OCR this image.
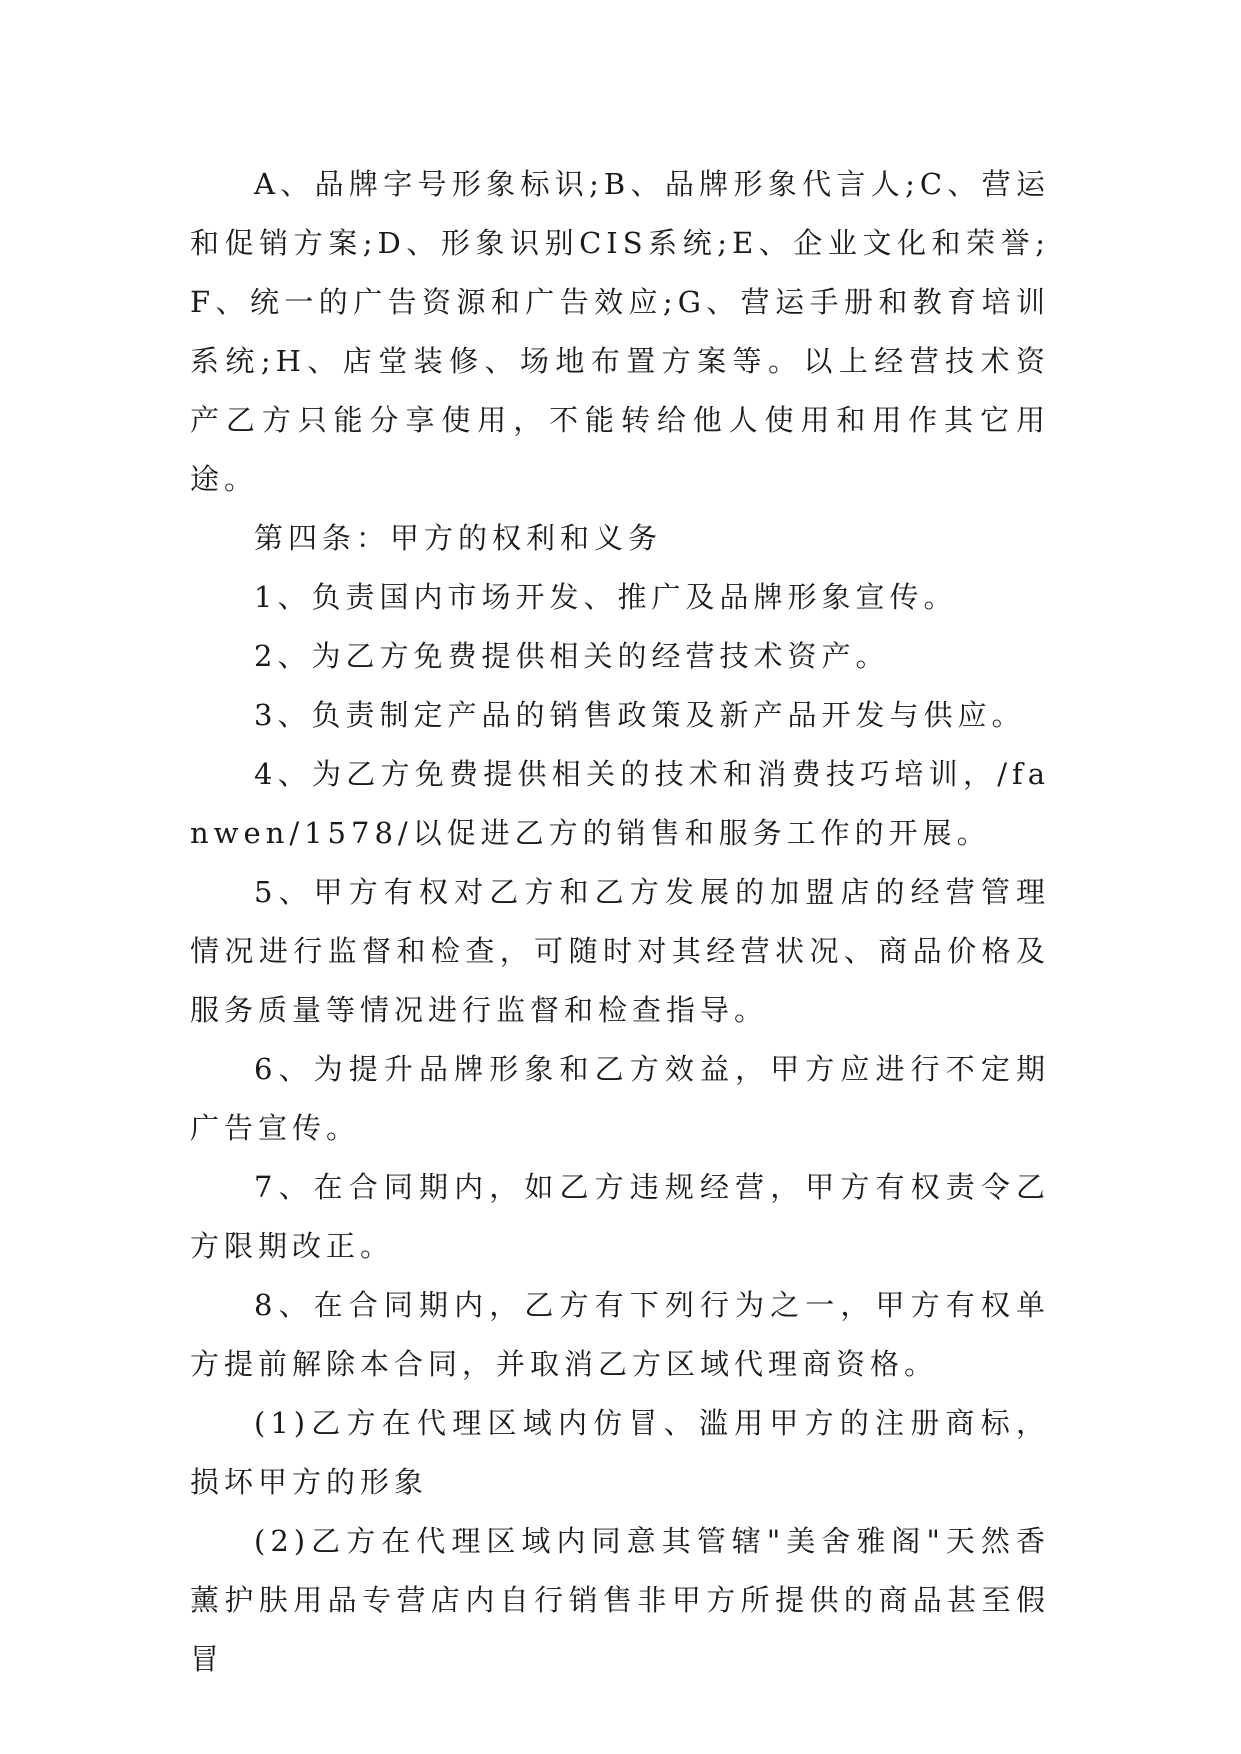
A、品牌字号形象标识;B、品牌形象代言人;C、营运和促销方案;D、形象识别CIS系统;E、企业文化和荣誉;F、统一的广告资源和广告效应;G、营运手册和教育培训系统;H、店堂装修、场地布置方案等。以上经营技术资产乙方只能分享使用，不能转给他人使用和用作其它用途。

第四条：甲方的权利和义务

1、负责国内市场开发、推广及品牌形象宣传。

2、为乙方免费提供相关的经营技术资产。

3、负责制定产品的销售政策及新产品开发与供应。

4、为乙方免费提供相关的技术和消费技巧培训，/fanwen/1578/以促进乙方的销售和服务工作的开展。

5、甲方有权对乙方和乙方发展的加盟店的经营管理情况进行监督和检查，可随时对其经营状况、商品价格及服务质量等情况进行监督和检查指导。

6、为提升品牌形象和乙方效益，甲方应进行不定期广告宣传。

7、在合同期内，如乙方违规经营，甲方有权责令乙方限期改正。

8、在合同期内，乙方有下列行为之一，甲方有权单方提前解除本合同，并取消乙方区域代理商资格。

(1)乙方在代理区域内仿冒、滥用甲方的注册商标，损坏甲方的形象

(2)乙方在代理区域内同意其管辖"美舍雅阁"天然香薰护肤用品专营店内自行销售非甲方所提供的商品甚至假冒
